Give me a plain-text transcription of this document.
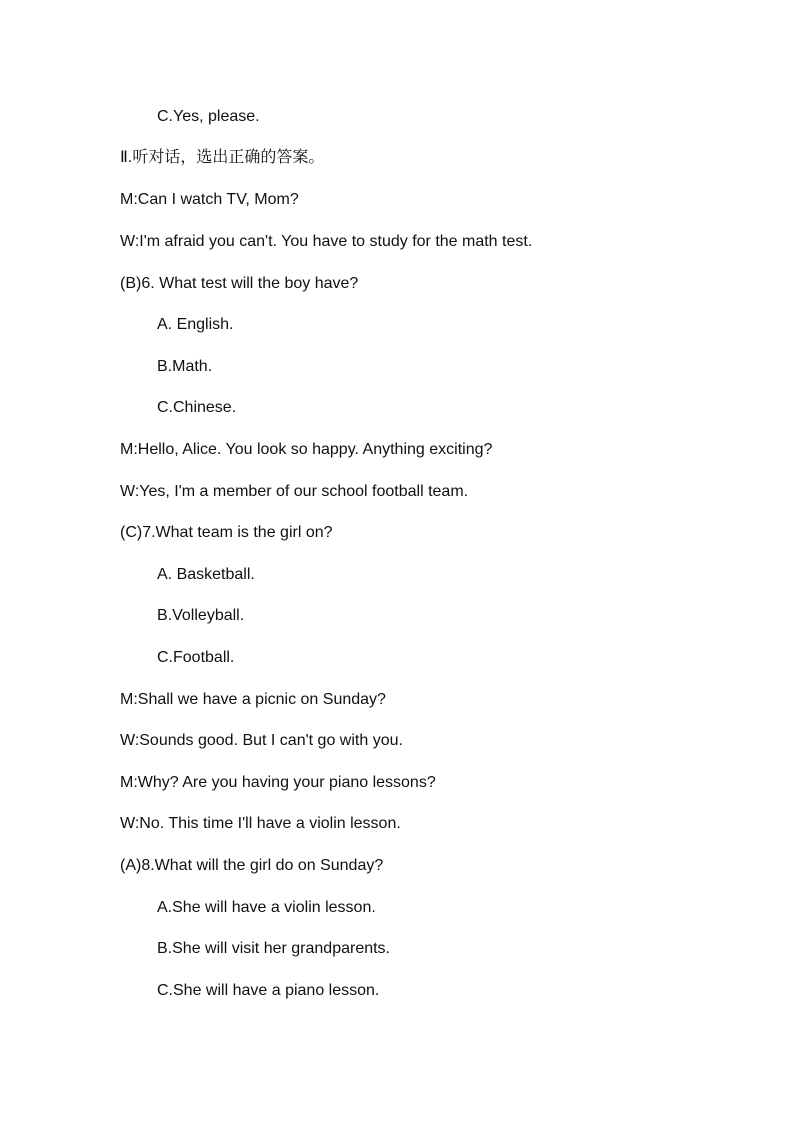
C.Yes, please.
Ⅱ.听对话，选出正确的答案。
M:Can I watch TV, Mom?
W:I'm afraid you can't. You have to study for the math test.
(B)6. What test will the boy have?
A. English.
B.Math.
C.Chinese.
M:Hello, Alice. You look so happy. Anything exciting?
W:Yes, I'm a member of our school football team.
(C)7.What team is the girl on?
A. Basketball.
B.Volleyball.
C.Football.
M:Shall we have a picnic on Sunday?
W:Sounds good. But I can't go with you.
M:Why? Are you having your piano lessons?
W:No. This time I'll have a violin lesson.
(A)8.What will the girl do on Sunday?
A.She will have a violin lesson.
B.She will visit her grandparents.
C.She will have a piano lesson.
